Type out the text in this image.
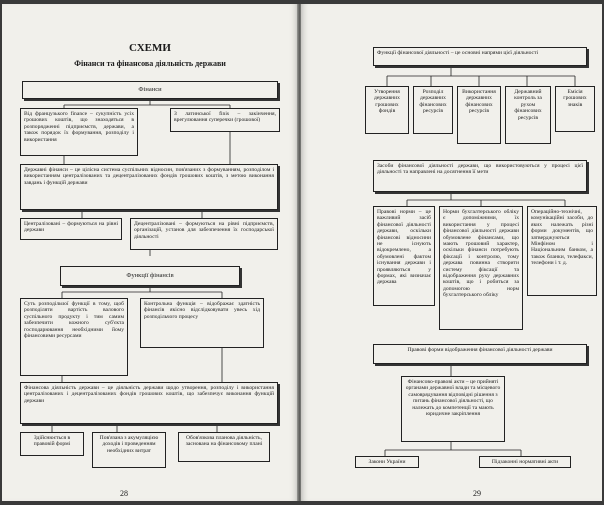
СХЕМИ
Фінанси та фінансова діяльність держави
Фінанси
Від французького finance – сукупність усіх грошових коштів, що знаходяться в розпорядженні підприємств, держави, а також порядок їх формування, розподілу і використання
З латинської finis – закінчення, врегулювання суперечки (грошової)
Державні фінанси – це цілісна система суспільних відносин, пов'язаних з формуванням, розподілом і використанням централізованих та децентралізованих фондів грошових коштів, з метою виконання завдань і функцій держави
Централізовані – формуються на рівні держави
Децентралізовані – формуються на рівні підприємств, організацій, установ для забезпечення їх господарської діяльності
Функції фінансів
Суть розподільчої функції в тому, щоб розподіляти вартість валового суспільного продукту і тим самим забезпечити кожного суб'єкта господарювання необхідними йому фінансовими ресурсами
Контрольна функція – відображає здатність фінансів якісно відслідковувати увесь хід розподільчого процесу
Фінансова діяльність держави – це діяльність держави щодо утворення, розподілу і використання централізованих і децентралізованих фондів грошових коштів, що забезпечує виконання функцій держави
Здійснюється в правовій формі
Пов'язана з акумуляцією доходів і проведенням необхідних витрат
Обов'язкова планова діяльність, заснована на фінансовому плані
28
Функції фінансової діяльності – це основні напрями цієї діяльності
Утворення державних грошових фондів
Розподіл державних фінансових ресурсів
Використання державних фінансових ресурсів
Державний контроль за рухом фінансових ресурсів
Емісія грошових знаків
Засоби фінансової діяльності держави, що використовуються у процесі цієї діяльності та направлені на досягнення її мети
Правові норми – це важливий засіб фінансової діяльності держави, оскільки фінансові відносини не існують відокремлено, а обумовлені фактом існування держави і проявляються у формах, які визначає держава
Норми бухгалтерського обліку є допоміжними, їх використання у процесі фінансової діяльності держави обумовлене фінансами, що мають грошовий характер, оскільки фінанси потребують фіксації і контролю, тому держава повинна створити систему фіксації та відображення руху державних коштів, що і робиться за допомогою норм бухгалтерського обліку
Операційно-технічні, комунікаційні засоби, до яких належать різні форми документів, що затверджуються Мінфіном і Національним банком, а також бланки, телефакси, телефони і т. д.
Правові форми відображення фінансової діяльності держави
Фінансово-правові акти – це прийняті органами державної влади та місцевого самоврядування відповідні рішення з питань фінансової діяльності, що належать до компетенції та мають юридичне закріплення
Закони України	Підзаконні нормативні акти
29
